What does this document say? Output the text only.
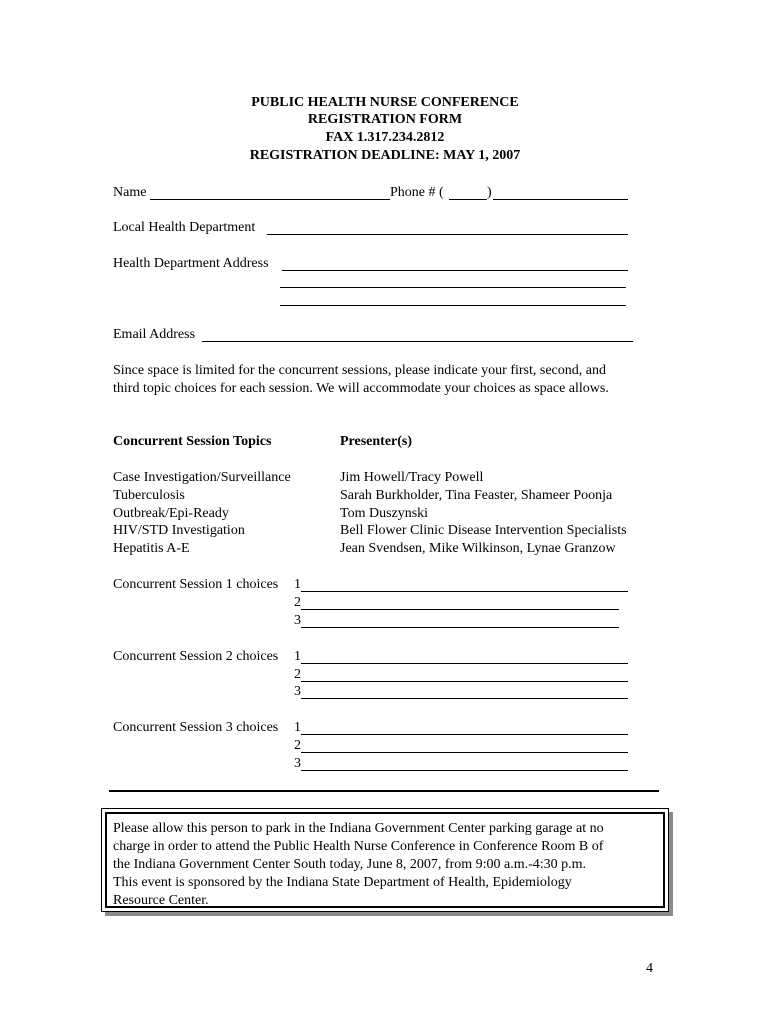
PUBLIC HEALTH NURSE CONFERENCE
REGISTRATION FORM
FAX 1.317.234.2812
REGISTRATION DEADLINE: MAY 1, 2007
Name	Phone # (	)
Local Health Department
Health Department Address
Email Address
Since space is limited for the concurrent sessions, please indicate your first, second, and
third topic choices for each session. We will accommodate your choices as space allows.
Concurrent Session Topics	Presenter(s)
Case Investigation/Surveillance	Jim Howell/Tracy Powell
Tuberculosis	Sarah Burkholder, Tina Feaster, Shameer Poonja
Outbreak/Epi-Ready	Tom Duszynski
HIV/STD Investigation	Bell Flower Clinic Disease Intervention Specialists
Hepatitis A-E	Jean Svendsen, Mike Wilkinson, Lynae Granzow
Concurrent Session 1 choices 1
2
3
Concurrent Session 2 choices 1
2
3
Concurrent Session 3 choices 1
2
3
Please allow this person to park in the Indiana Government Center parking garage at no
charge in order to attend the Public Health Nurse Conference in Conference Room B of
the Indiana Government Center South today, June 8, 2007, from 9:00 a.m.-4:30 p.m.
This event is sponsored by the Indiana State Department of Health, Epidemiology
Resource Center.
4
